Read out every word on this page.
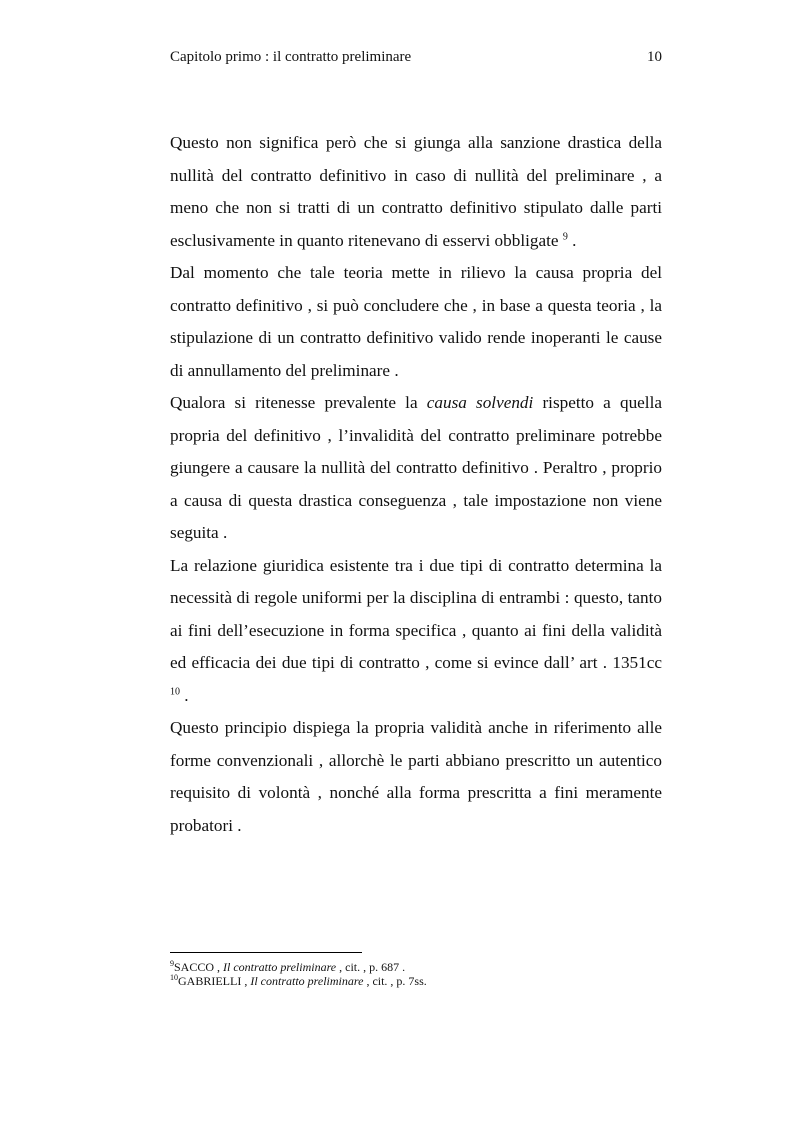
Capitolo primo : il contratto preliminare	10

Questo non significa però che si giunga alla sanzione drastica della nullità del contratto definitivo in caso di nullità del preliminare , a meno che non si tratti di un contratto definitivo stipulato dalle parti esclusivamente in quanto ritenevano di esservi obbligate $^9$ .

Dal momento che tale teoria mette in rilievo la causa propria del contratto definitivo , si può concludere che , in base a questa teoria , la stipulazione di un contratto definitivo valido rende inoperanti le cause di annullamento del preliminare .

Qualora si ritenesse prevalente la causa solvendi rispetto a quella propria del definitivo , l’invalidità del contratto preliminare potrebbe giungere a causare la nullità del contratto definitivo . Peraltro , proprio a causa di questa drastica conseguenza , tale impostazione non viene seguita .

La relazione giuridica esistente tra i due tipi di contratto determina la necessità di regole uniformi per la disciplina di entrambi : questo, tanto ai fini dell’esecuzione in forma specifica , quanto ai fini della validità ed efficacia dei due tipi di contratto , come si evince dall’ art . 1351cc $^{10}$ .

Questo principio dispiega la propria validità anche in riferimento alle forme convenzionali , allorchè le parti abbiano prescritto un autentico requisito di volontà , nonché alla forma prescritta a fini meramente probatori .

$^9$SACCO , Il contratto preliminare , cit. , p. 687 .
$^{10}$GABRIELLI , Il contratto preliminare , cit. , p. 7ss.
